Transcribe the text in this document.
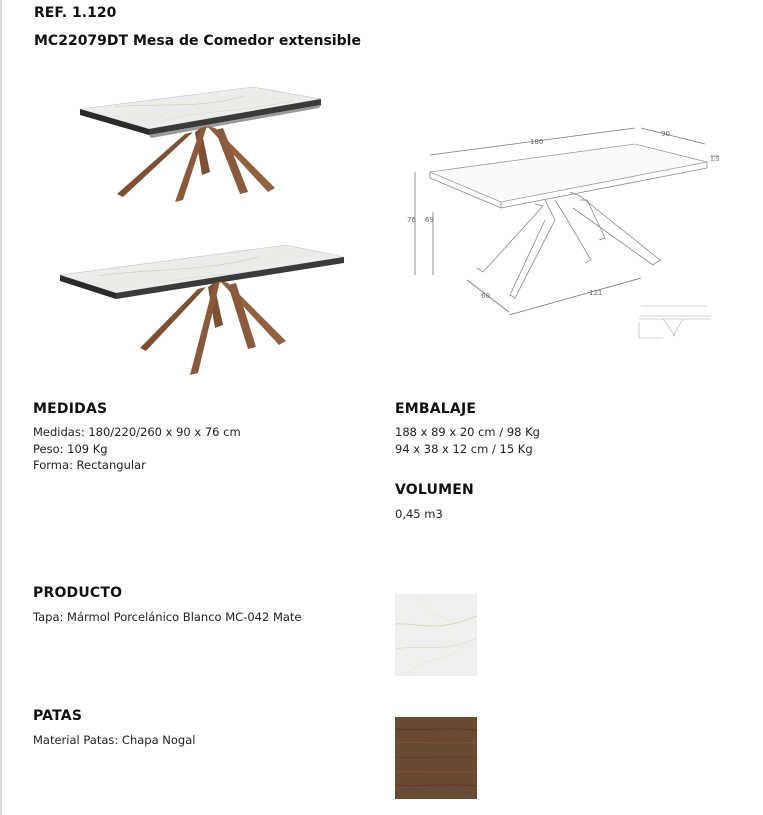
REF. 1.120
MC22079DT Mesa de Comedor extensible
180
90
1,5
76 69
60	121
MEDIDAS
Medidas: 180/220/260 x 90 x 76 cm
Peso: 109 Kg
Forma: Rectangular
EMBALAJE
188 x 89 x 20 cm / 98 Kg
94 x 38 x 12 cm / 15 Kg
VOLUMEN
0,45 m3
PRODUCTO
Tapa: Mármol Porcelánico Blanco MC-042 Mate
PATAS
Material Patas: Chapa Nogal
